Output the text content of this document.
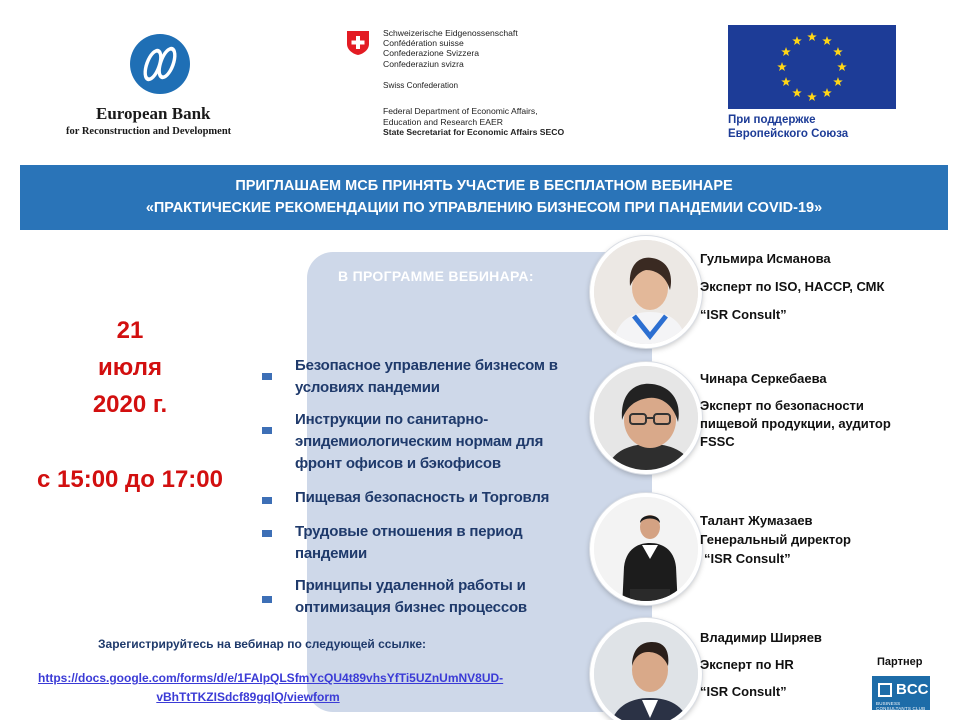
European Bank
for Reconstruction and Development
Schweizerische Eidgenossenschaft
Confédération suisse
Confederazione Svizzera
Confederaziun svizra
Swiss Confederation
Federal Department of Economic Affairs,
Education and Research EAER
State Secretariat for Economic Affairs SECO
При поддержке
Европейского Союза
ПРИГЛАШАЕМ МСБ ПРИНЯТЬ УЧАСТИЕ В БЕСПЛАТНОМ ВЕБИНАРЕ
«ПРАКТИЧЕСКИЕ РЕКОМЕНДАЦИИ ПО УПРАВЛЕНИЮ БИЗНЕСОМ ПРИ ПАНДЕМИИ COVID-19»
В ПРОГРАММЕ ВЕБИНАРА:
Безопасное управление бизнесом в условиях пандемии
Инструкции по санитарно-эпидемиологическим нормам для фронт офисов и бэкофисов
Пищевая безопасность и Торговля
Трудовые отношения в период пандемии
Принципы удаленной работы и оптимизация бизнес процессов
21
июля
2020 г.
с 15:00 до 17:00
Гульмира Исманова
Эксперт по ISO, HACCP, СМК
“ISR Consult”
Чинара Серкебаева
Эксперт по безопасности
пищевой продукции, аудитор
FSSC
Талант Жумазаев
Генеральный директор
“ISR Consult”
Владимир Ширяев
Эксперт по HR
“ISR Consult”
Зарегистрируйтесь на вебинар по следующей ссылке:
https://docs.google.com/forms/d/e/1FAIpQLSfmYcQU4t89vhsYfTi5UZnUmNV8UD-
vBhTtTKZISdcf89gqlQ/viewform
Партнер
BCC
BUSINESS CONSULTANTS CLUB
